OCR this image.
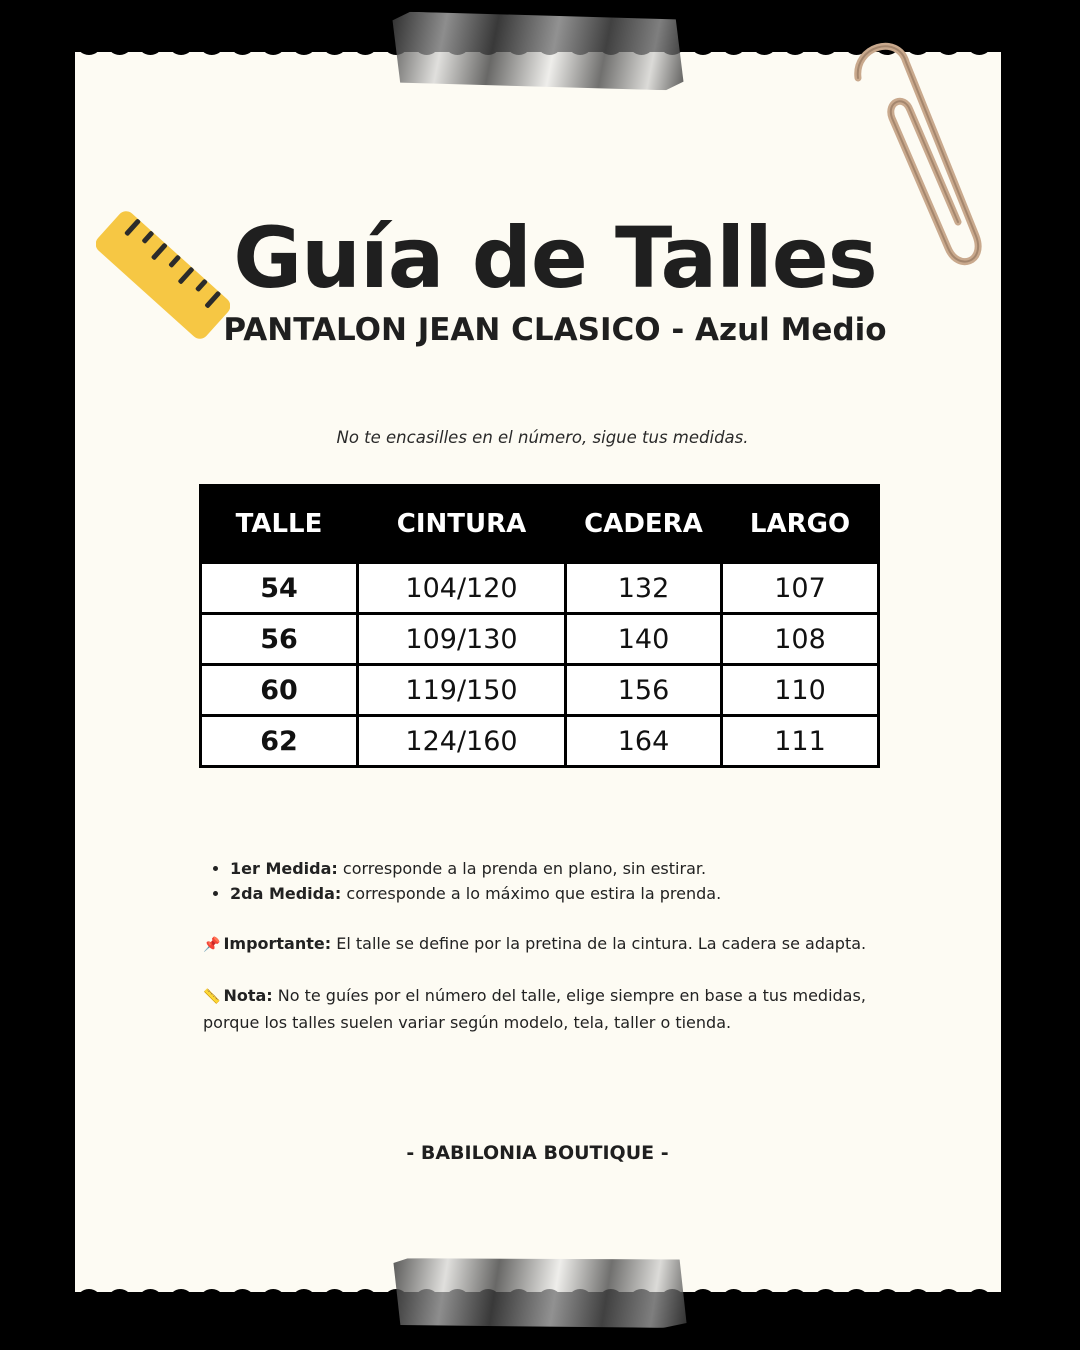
Guía de Talles
PANTALON JEAN CLASICO - Azul Medio
No te encasilles en el número, sigue tus medidas.
TALLE	CINTURA	CADERA	LARGO
54	104/120	132	107
56	109/130	140	108
60	119/150	156	110
62	124/160	164	111
• 1er Medida: corresponde a la prenda en plano, sin estirar.
• 2da Medida: corresponde a lo máximo que estira la prenda.

📌 Importante: El talle se define por la pretina de la cintura. La cadera se adapta.

📏 Nota: No te guíes por el número del talle, elige siempre en base a tus medidas, porque los talles suelen variar según modelo, tela, taller o tienda.

- BABILONIA BOUTIQUE -
